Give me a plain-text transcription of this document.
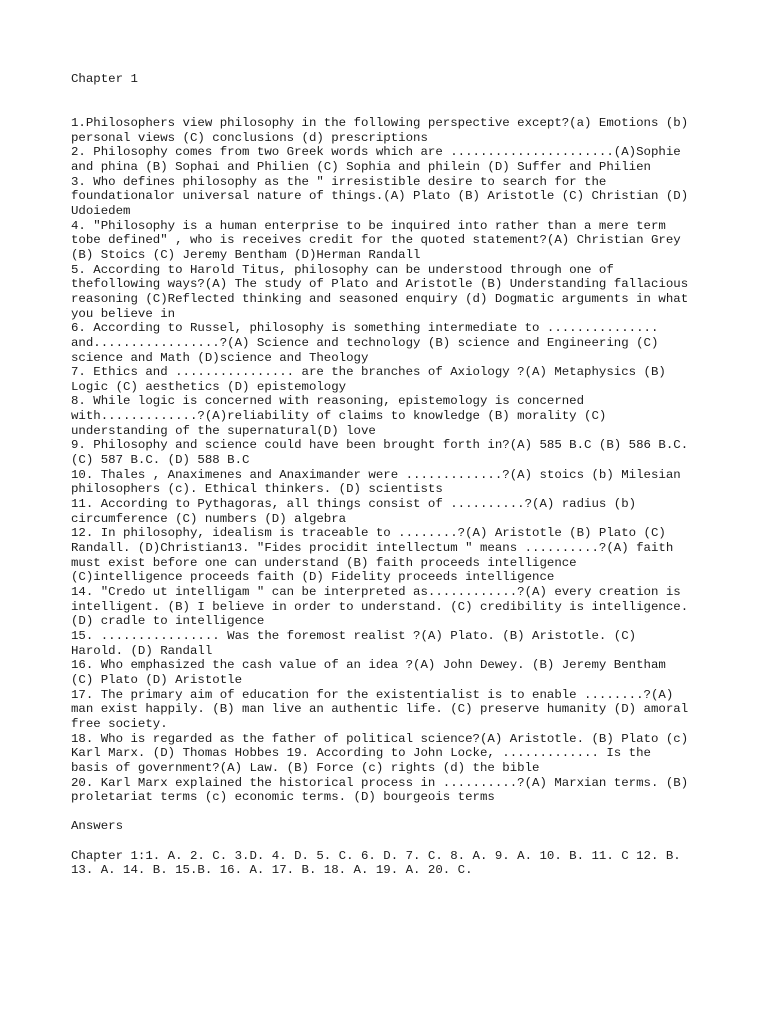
Chapter 1
1.Philosophers view philosophy in the following perspective except?(a) Emotions (b)
personal views (C) conclusions (d) prescriptions
2. Philosophy comes from two Greek words which are ......................(A)Sophie
and phina (B) Sophai and Philien (C) Sophia and philein (D) Suffer and Philien
3. Who defines philosophy as the " irresistible desire to search for the
foundationalor universal nature of things.(A) Plato (B) Aristotle (C) Christian (D)
Udoiedem
4. "Philosophy is a human enterprise to be inquired into rather than a mere term
tobe defined" , who is receives credit for the quoted statement?(A) Christian Grey
(B) Stoics (C) Jeremy Bentham (D)Herman Randall
5. According to Harold Titus, philosophy can be understood through one of
thefollowing ways?(A) The study of Plato and Aristotle (B) Understanding fallacious
reasoning (C)Reflected thinking and seasoned enquiry (d) Dogmatic arguments in what
you believe in
6. According to Russel, philosophy is something intermediate to ...............
and.................?(A) Science and technology (B) science and Engineering (C)
science and Math (D)science and Theology
7. Ethics and ................ are the branches of Axiology ?(A) Metaphysics (B)
Logic (C) aesthetics (D) epistemology
8. While logic is concerned with reasoning, epistemology is concerned
with.............?(A)reliability of claims to knowledge (B) morality (C)
understanding of the supernatural(D) love
9. Philosophy and science could have been brought forth in?(A) 585 B.C (B) 586 B.C.
(C) 587 B.C. (D) 588 B.C
10. Thales , Anaximenes and Anaximander were .............?(A) stoics (b) Milesian
philosophers (c). Ethical thinkers. (D) scientists
11. According to Pythagoras, all things consist of ..........?(A) radius (b)
circumference (C) numbers (D) algebra
12. In philosophy, idealism is traceable to ........?(A) Aristotle (B) Plato (C)
Randall. (D)Christian13. "Fides procidit intellectum " means ..........?(A) faith
must exist before one can understand (B) faith proceeds intelligence
(C)intelligence proceeds faith (D) Fidelity proceeds intelligence
14. "Credo ut intelligam " can be interpreted as............?(A) every creation is
intelligent. (B) I believe in order to understand. (C) credibility is intelligence.
(D) cradle to intelligence
15. ................ Was the foremost realist ?(A) Plato. (B) Aristotle. (C)
Harold. (D) Randall
16. Who emphasized the cash value of an idea ?(A) John Dewey. (B) Jeremy Bentham
(C) Plato (D) Aristotle
17. The primary aim of education for the existentialist is to enable ........?(A)
man exist happily. (B) man live an authentic life. (C) preserve humanity (D) amoral
free society.
18. Who is regarded as the father of political science?(A) Aristotle. (B) Plato (c)
Karl Marx. (D) Thomas Hobbes 19. According to John Locke, ............. Is the
basis of government?(A) Law. (B) Force (c) rights (d) the bible
20. Karl Marx explained the historical process in ..........?(A) Marxian terms. (B)
proletariat terms (c) economic terms. (D) bourgeois terms
Answers
Chapter 1:1. A. 2. C. 3.D. 4. D. 5. C. 6. D. 7. C. 8. A. 9. A. 10. B. 11. C 12. B.
13. A. 14. B. 15.B. 16. A. 17. B. 18. A. 19. A. 20. C.
